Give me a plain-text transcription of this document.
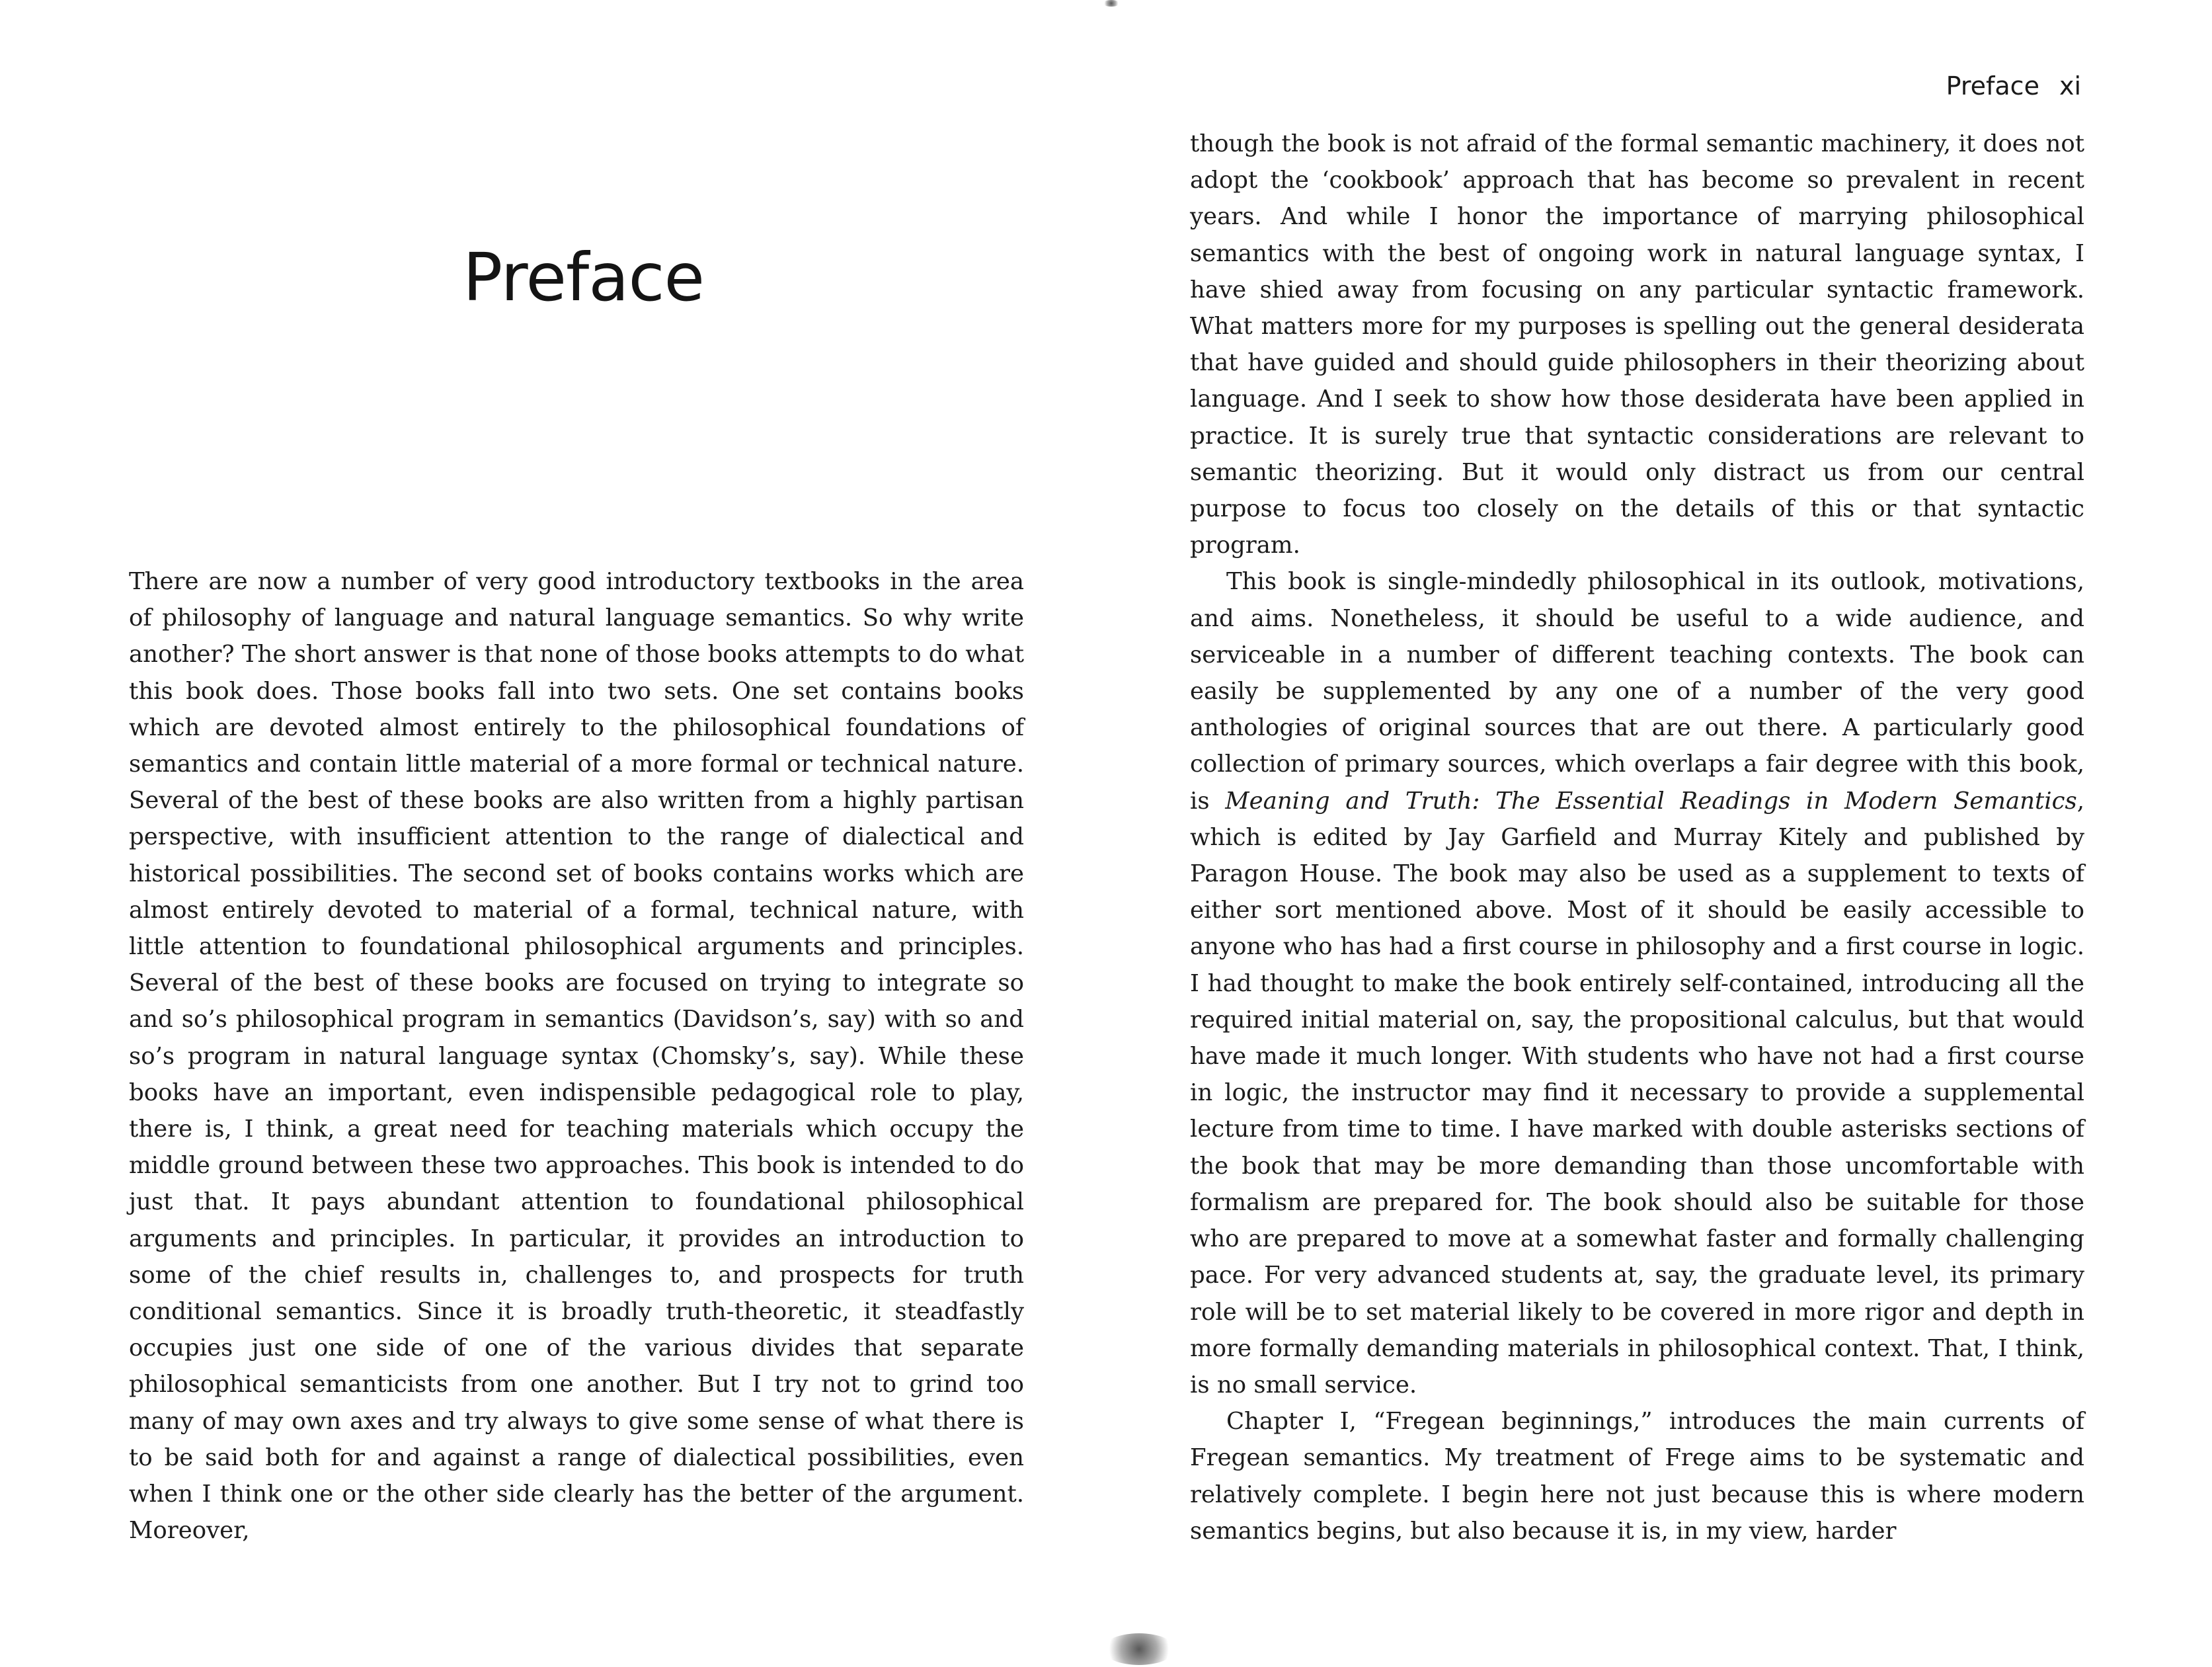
Preface

There are now a number of very good introductory textbooks in the area of philosophy of language and natural language semantics. So why write another? The short answer is that none of those books attempts to do what this book does. Those books fall into two sets. One set contains books which are devoted almost entirely to the philosophical foundations of semantics and contain little material of a more formal or technical nature. Several of the best of these books are also written from a highly partisan perspective, with insufficient attention to the range of dialectical and historical possibilities. The second set of books contains works which are almost entirely devoted to material of a formal, technical nature, with little attention to foundational philosophical arguments and principles. Several of the best of these books are focused on trying to integrate so and so’s philosophical program in semantics (Davidson’s, say) with so and so’s program in natural language syntax (Chomsky’s, say). While these books have an important, even indispensible pedagogical role to play, there is, I think, a great need for teaching materials which occupy the middle ground between these two approaches. This book is intended to do just that. It pays abundant attention to foundational philosophical arguments and principles. In particular, it provides an introduction to some of the chief results in, challenges to, and prospects for truth conditional semantics. Since it is broadly truth-theoretic, it steadfastly occupies just one side of one of the various divides that separate philosophical semanticists from one another. But I try not to grind too many of may own axes and try always to give some sense of what there is to be said both for and against a range of dialectical possibilities, even when I think one or the other side clearly has the better of the argument. Moreover,

Preface xi

though the book is not afraid of the formal semantic machinery, it does not adopt the ‘cookbook’ approach that has become so prevalent in recent years. And while I honor the importance of marrying philosophical semantics with the best of ongoing work in natural language syntax, I have shied away from focusing on any particular syntactic framework. What matters more for my purposes is spelling out the general desiderata that have guided and should guide philosophers in their theorizing about language. And I seek to show how those desiderata have been applied in practice. It is surely true that syntactic considerations are relevant to semantic theorizing. But it would only distract us from our central purpose to focus too closely on the details of this or that syntactic program.

This book is single-mindedly philosophical in its outlook, motivations, and aims. Nonetheless, it should be useful to a wide audience, and serviceable in a number of different teaching contexts. The book can easily be supplemented by any one of a number of the very good anthologies of original sources that are out there. A particularly good collection of primary sources, which overlaps a fair degree with this book, is Meaning and Truth: The Essential Readings in Modern Semantics, which is edited by Jay Garfield and Murray Kitely and published by Paragon House. The book may also be used as a supplement to texts of either sort mentioned above. Most of it should be easily accessible to anyone who has had a first course in philosophy and a first course in logic. I had thought to make the book entirely self-contained, introducing all the required initial material on, say, the propositional calculus, but that would have made it much longer. With students who have not had a first course in logic, the instructor may find it necessary to provide a supplemental lecture from time to time. I have marked with double asterisks sections of the book that may be more demanding than those uncomfortable with formalism are prepared for. The book should also be suitable for those who are prepared to move at a somewhat faster and formally challenging pace. For very advanced students at, say, the graduate level, its primary role will be to set material likely to be covered in more rigor and depth in more formally demanding materials in philosophical context. That, I think, is no small service.

Chapter I, “Fregean beginnings,” introduces the main currents of Fregean semantics. My treatment of Frege aims to be systematic and relatively complete. I begin here not just because this is where modern semantics begins, but also because it is, in my view, harder
